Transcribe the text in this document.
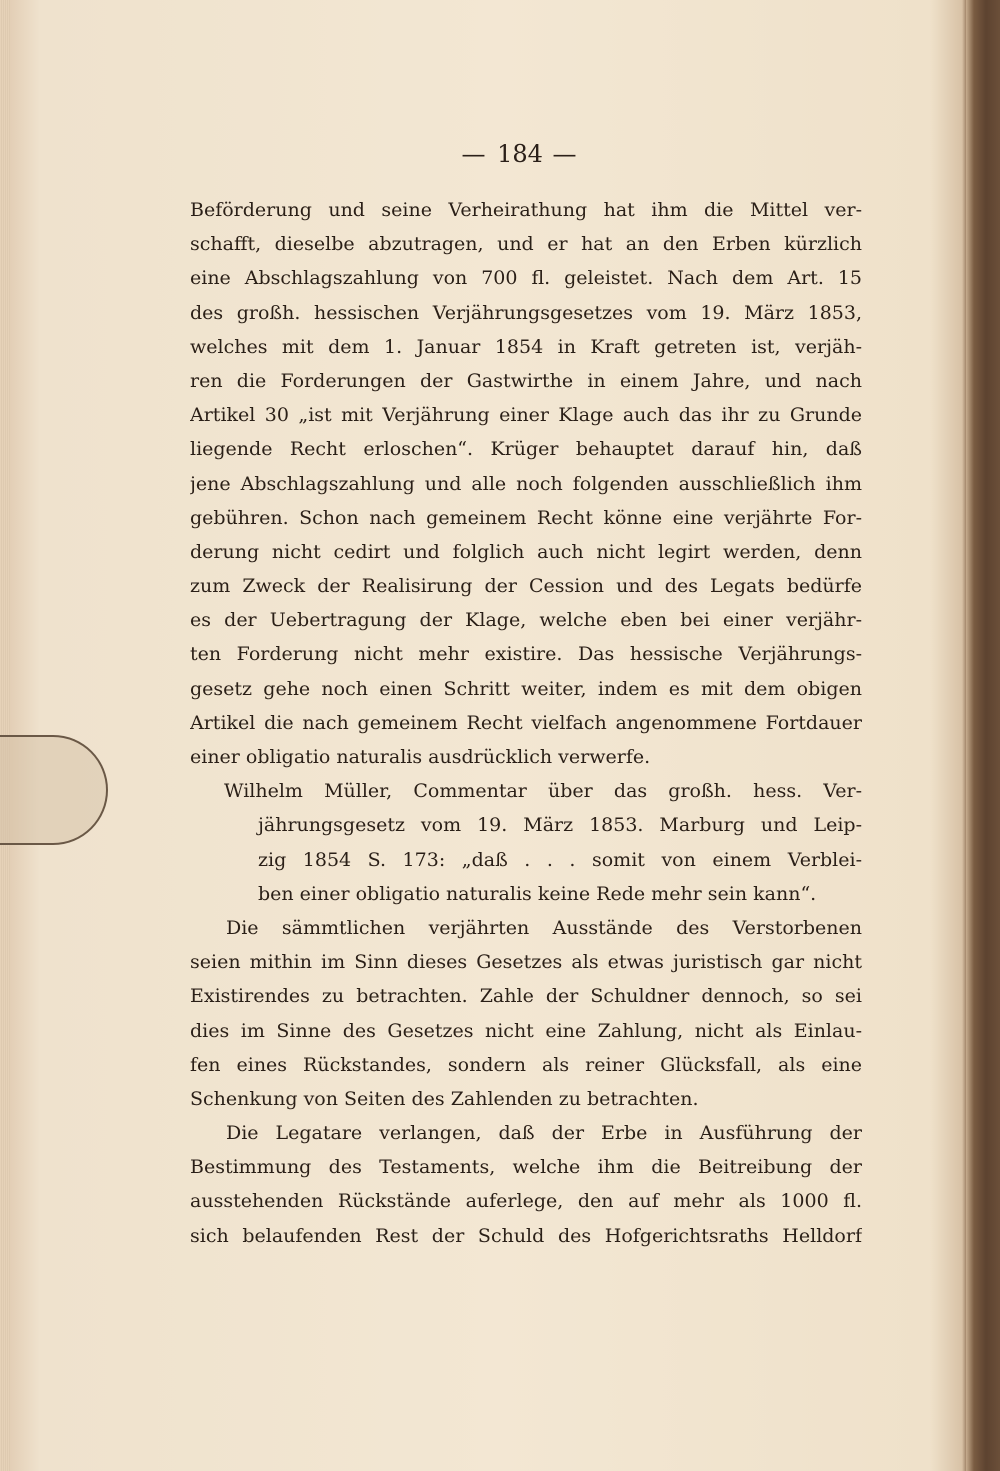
— 184 —
Beförderung und seine Verheirathung hat ihm die Mittel ver-
schafft, dieselbe abzutragen, und er hat an den Erben kürzlich
eine Abschlagszahlung von 700 fl. geleistet. Nach dem Art. 15
des großh. hessischen Verjährungsgesetzes vom 19. März 1853,
welches mit dem 1. Januar 1854 in Kraft getreten ist, verjäh-
ren die Forderungen der Gastwirthe in einem Jahre, und nach
Artikel 30 „ist mit Verjährung einer Klage auch das ihr zu Grunde
liegende Recht erloschen“. Krüger behauptet darauf hin, daß
jene Abschlagszahlung und alle noch folgenden ausschließlich ihm
gebühren. Schon nach gemeinem Recht könne eine verjährte For-
derung nicht cedirt und folglich auch nicht legirt werden, denn
zum Zweck der Realisirung der Cession und des Legats bedürfe
es der Uebertragung der Klage, welche eben bei einer verjähr-
ten Forderung nicht mehr existire. Das hessische Verjährungs-
gesetz gehe noch einen Schritt weiter, indem es mit dem obigen
Artikel die nach gemeinem Recht vielfach angenommene Fortdauer
einer obligatio naturalis ausdrücklich verwerfe.
Wilhelm Müller, Commentar über das großh. hess. Ver-
jährungsgesetz vom 19. März 1853. Marburg und Leip-
zig 1854 S. 173: „daß . . . somit von einem Verblei-
ben einer obligatio naturalis keine Rede mehr sein kann“.
Die sämmtlichen verjährten Ausstände des Verstorbenen
seien mithin im Sinn dieses Gesetzes als etwas juristisch gar nicht
Existirendes zu betrachten. Zahle der Schuldner dennoch, so sei
dies im Sinne des Gesetzes nicht eine Zahlung, nicht als Einlau-
fen eines Rückstandes, sondern als reiner Glücksfall, als eine
Schenkung von Seiten des Zahlenden zu betrachten.
Die Legatare verlangen, daß der Erbe in Ausführung der
Bestimmung des Testaments, welche ihm die Beitreibung der
ausstehenden Rückstände auferlege, den auf mehr als 1000 fl.
sich belaufenden Rest der Schuld des Hofgerichtsraths Helldorf
